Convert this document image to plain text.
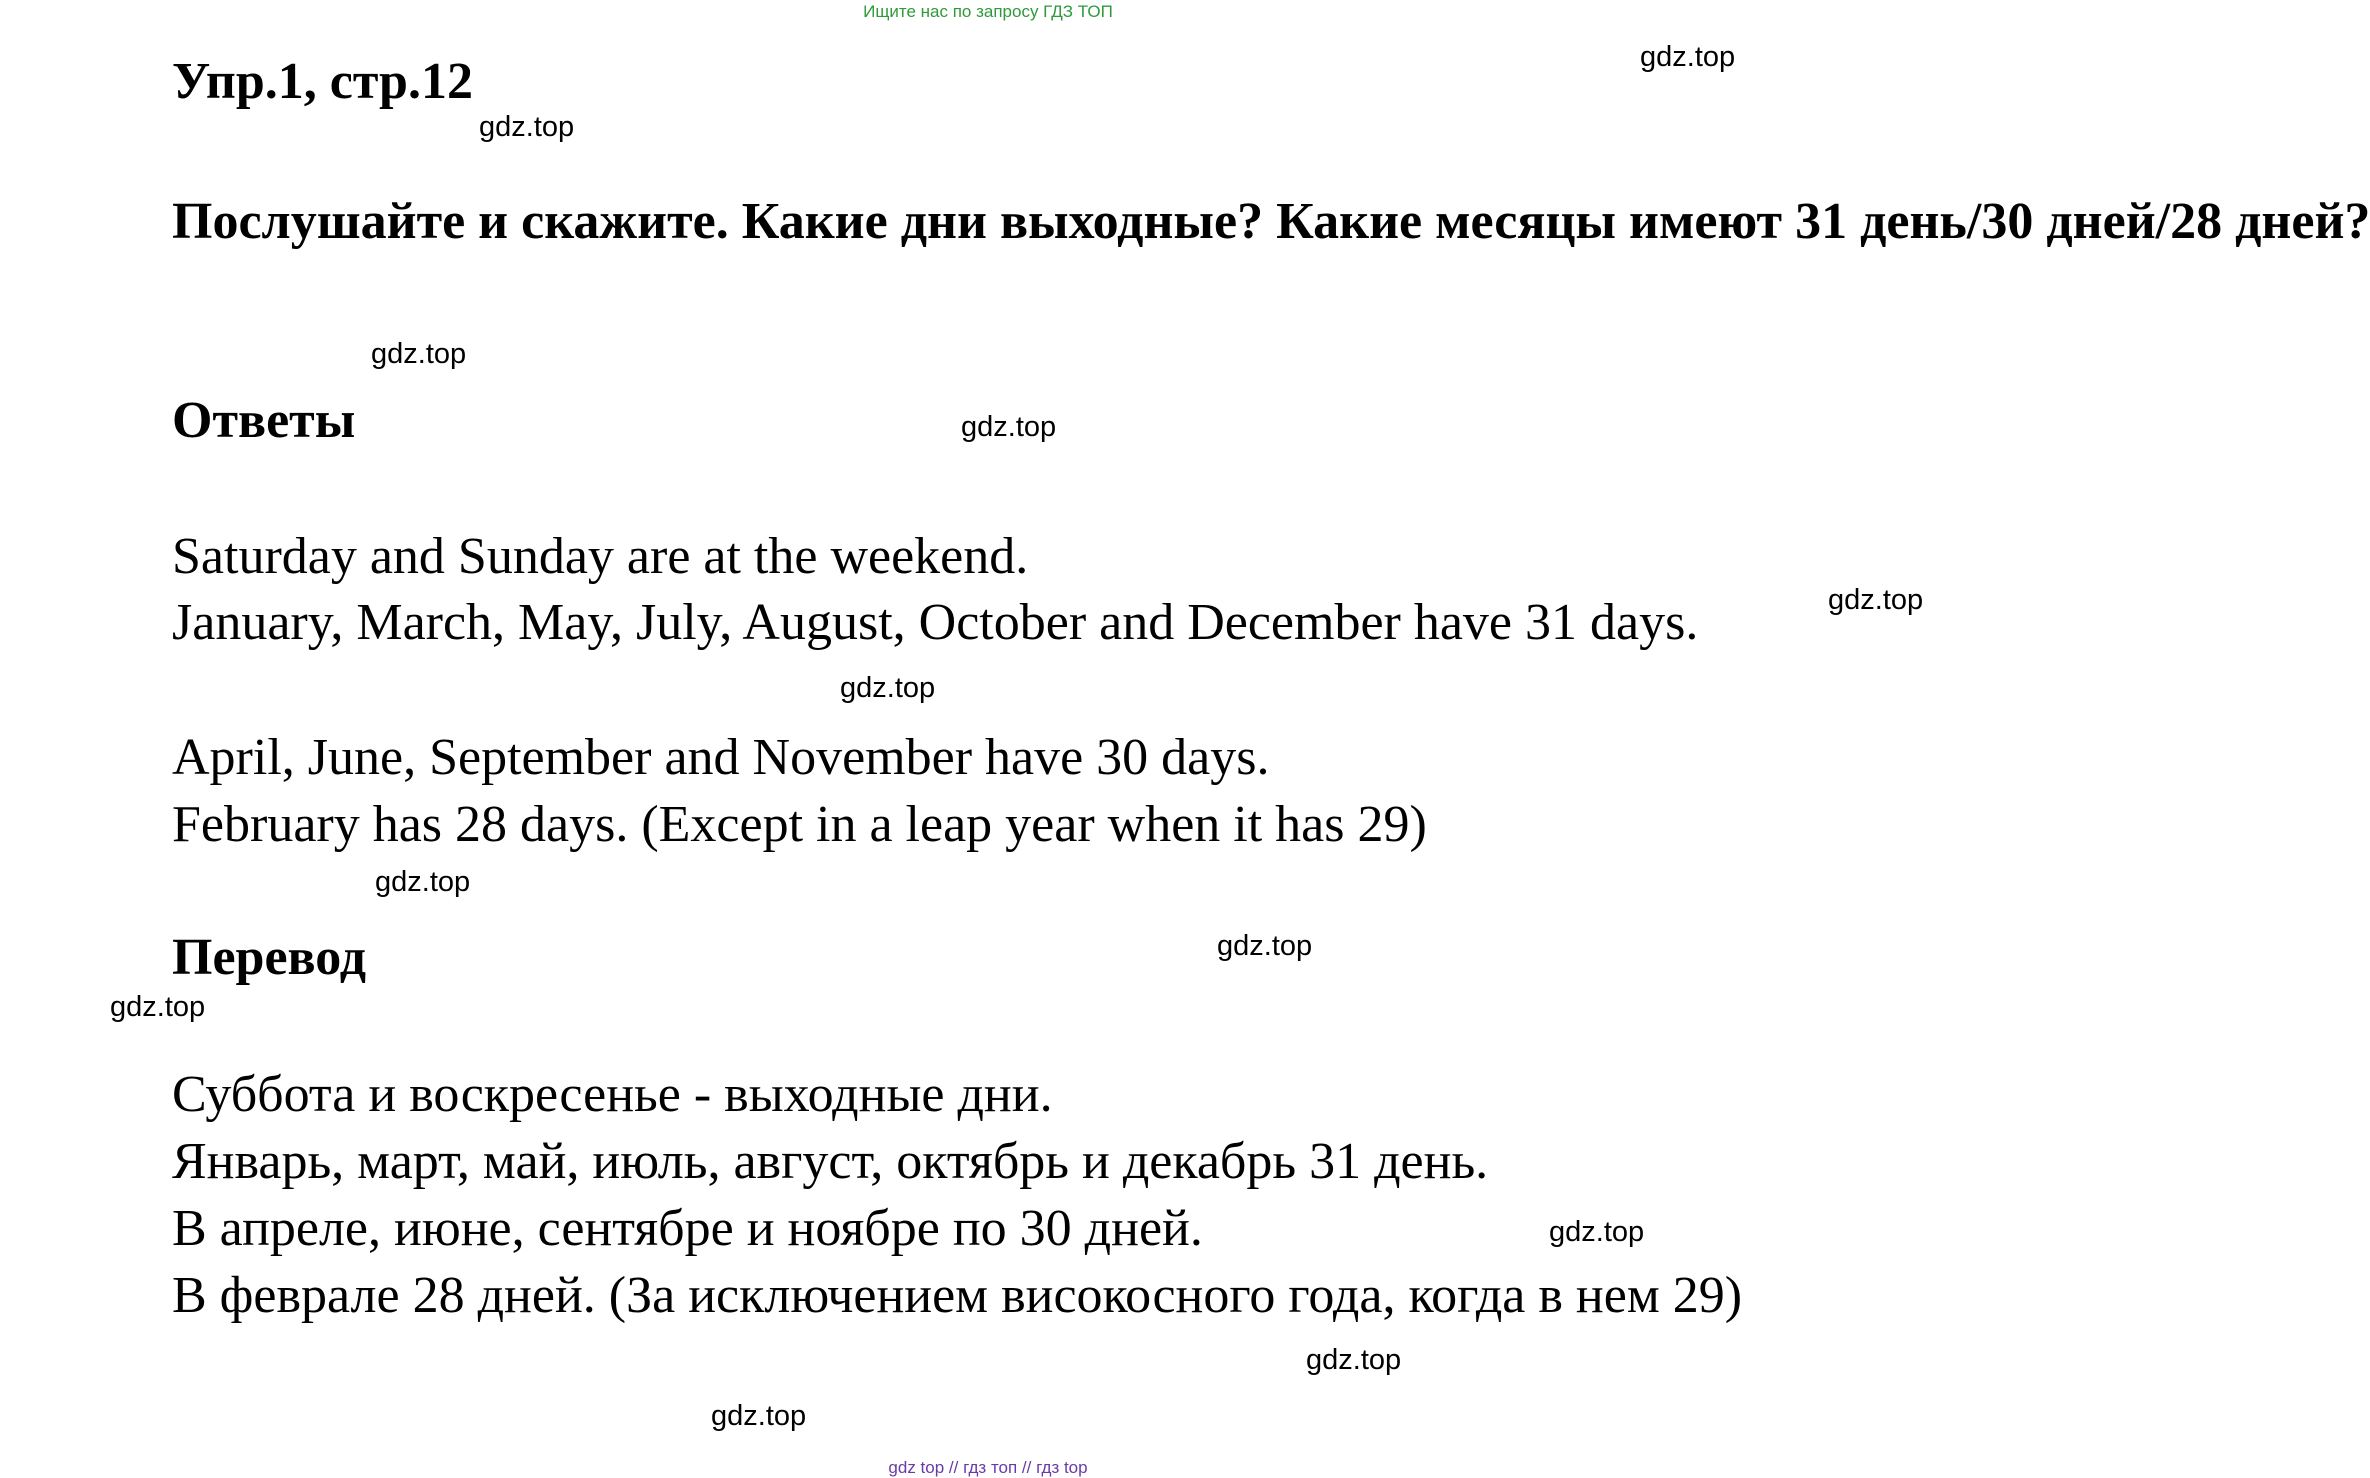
Ищите нас по запросу ГДЗ ТОП
Упр.1, стр.12
Послушайте и скажите. Какие дни выходные? Какие месяцы имеют 31 день/30 дней/28 дней?
Ответы
Saturday and Sunday are at the weekend.
January, March, May, July, August, October and December have 31 days.
April, June, September and November have 30 days.
February has 28 days. (Except in a leap year when it has 29)
Перевод
Суббота и воскресенье - выходные дни.
Январь, март, май, июль, август, октябрь и декабрь 31 день.
В апреле, июне, сентябре и ноябре по 30 дней.
В феврале 28 дней. (За исключением високосного года, когда в нем 29)
gdz.top
gdz.top
gdz.top
gdz.top
gdz.top
gdz.top
gdz.top
gdz.top
gdz.top
gdz.top
gdz.top
gdz.top
gdz top // гдз топ // гдз top
